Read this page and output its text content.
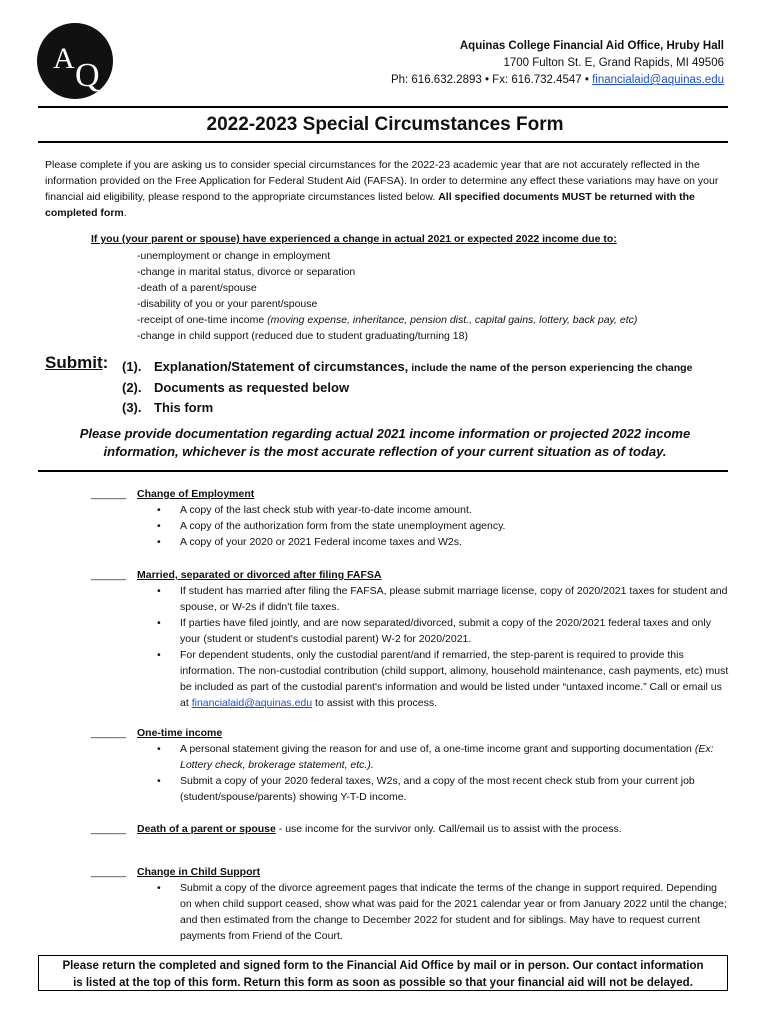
A Q
Aquinas College Financial Aid Office, Hruby Hall
1700 Fulton St. E, Grand Rapids, MI 49506
Ph: 616.632.2893 • Fx: 616.732.4547 • financialaid@aquinas.edu
2022-2023 Special Circumstances Form
Please complete if you are asking us to consider special circumstances for the 2022-23 academic year that are not accurately reflected in the information provided on the Free Application for Federal Student Aid (FAFSA). In order to determine any effect these variations may have on your financial aid eligibility, please respond to the appropriate circumstances listed below. All specified documents MUST be returned with the completed form.
If you (your parent or spouse) have experienced a change in actual 2021 or expected 2022 income due to:
-unemployment or change in employment
-change in marital status, divorce or separation
-death of a parent/spouse
-disability of you or your parent/spouse
-receipt of one-time income (moving expense, inheritance, pension dist., capital gains, lottery, back pay, etc)
-change in child support (reduced due to student graduating/turning 18)
Submit: (1). Explanation/Statement of circumstances, include the name of the person experiencing the change
(2). Documents as requested below
(3). This form
Please provide documentation regarding actual 2021 income information or projected 2022 income information, whichever is the most accurate reflection of your current situation as of today.
______ Change of Employment
• A copy of the last check stub with year-to-date income amount.
• A copy of the authorization form from the state unemployment agency.
• A copy of your 2020 or 2021 Federal income taxes and W2s.
______ Married, separated or divorced after filing FAFSA
• If student has married after filing the FAFSA, please submit marriage license, copy of 2020/2021 taxes for student and spouse, or W-2s if didn't file taxes.
• If parties have filed jointly, and are now separated/divorced, submit a copy of the 2020/2021 federal taxes and only your (student or student's custodial parent) W-2 for 2020/2021.
• For dependent students, only the custodial parent/and if remarried, the step-parent is required to provide this information. The non-custodial contribution (child support, alimony, household maintenance, cash payments, etc) must be included as part of the custodial parent's information and would be listed under “untaxed income.” Call or email us at financialaid@aquinas.edu to assist with this process.
______ One-time income
• A personal statement giving the reason for and use of, a one-time income grant and supporting documentation (Ex: Lottery check, brokerage statement, etc.).
• Submit a copy of your 2020 federal taxes, W2s, and a copy of the most recent check stub from your current job (student/spouse/parents) showing Y-T-D income.
______ Death of a parent or spouse - use income for the survivor only. Call/email us to assist with the process.
______ Change in Child Support
• Submit a copy of the divorce agreement pages that indicate the terms of the change in support required. Depending on when child support ceased, show what was paid for the 2021 calendar year or from January 2022 until the change; and then estimated from the change to December 2022 for student and for siblings. May have to request current payments from Friend of the Court.
Please return the completed and signed form to the Financial Aid Office by mail or in person. Our contact information
is listed at the top of this form. Return this form as soon as possible so that your financial aid will not be delayed.
